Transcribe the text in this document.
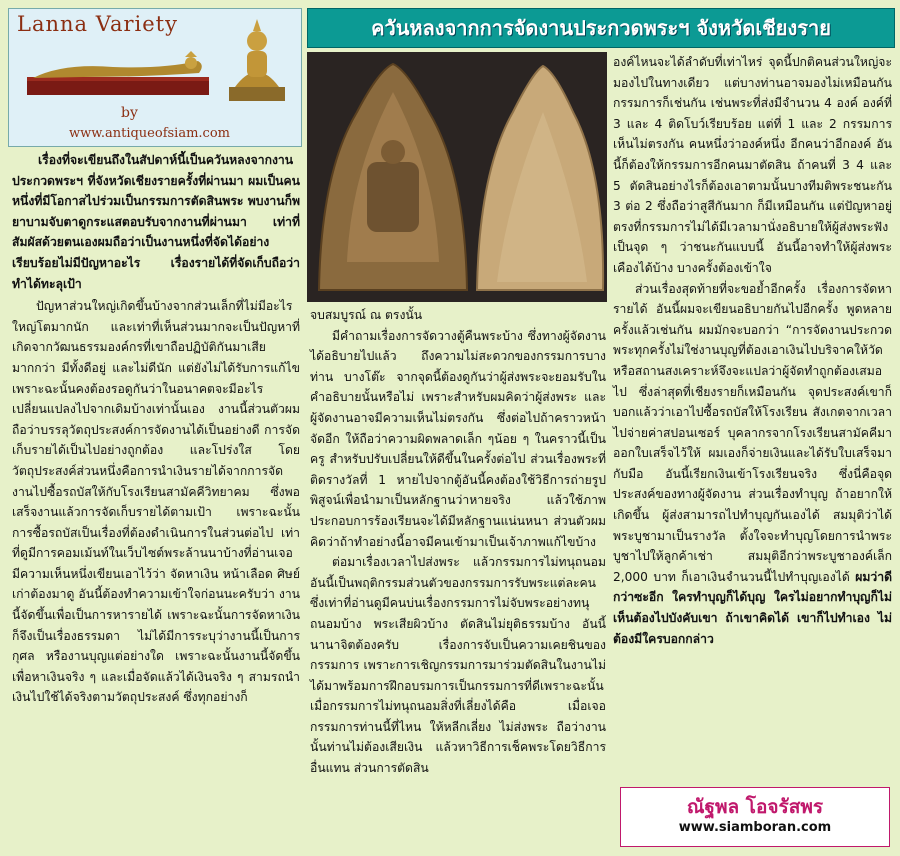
Lanna Variety
by
www.antiqueofsiam.com
ควันหลงจากการจัดงานประกวดพระฯ จังหวัดเชียงราย

เรื่องที่จะเขียนถึงในสัปดาห์นี้เป็นควันหลงจากงานประกวดพระฯ ที่จังหวัดเชียงรายครั้งที่ผ่านมา ผมเป็นคนหนึ่งที่มีโอกาสไปร่วมเป็นกรรมการตัดสินพระ พบงานก็พยาบามจับตาดูกระแสตอบรับจากงานที่ผ่านมา เท่าที่สัมผัสด้วยตนเองผมถือว่าเป็นงานหนึ่งที่จัดได้อย่างเรียบร้อยไม่มีปัญหาอะไร เรื่องรายได้ที่จัดเก็บถือว่าทำได้ทะลุเป้า

ปัญหาส่วนใหญ่เกิดขึ้นบ้างจากส่วนเล็กที่ไม่มีอะไรใหญ่โตมากนัก และเท่าที่เห็นส่วนมากจะเป็นปัญหาที่เกิดจากวัฒนธรรมองค์กรที่เขาถือปฏิบัติกันมาเสียมากกว่า มีทั้งดีอยู่ และไม่ดีนัก แต่ยังไม่ได้รับการแก้ไข เพราะฉะนั้นคงต้องรอดูกันว่าในอนาคตจะมีอะไรเปลี่ยนแปลงไปจากเดิมบ้างเท่านั้นเอง งานนี้ส่วนตัวผมถือว่าบรรลุวัตถุประสงค์การจัดงานได้เป็นอย่างดี การจัดเก็บรายได้เป็นไปอย่างถูกต้อง และโปร่งใส โดยวัตถุประสงค์ส่วนหนึ่งคือการนำเงินรายได้จากการจัดงานไปซื้อรถบัสให้กับโรงเรียนสามัคคีวิทยาคม ซึ่งพอเสร็จงานแล้วการจัดเก็บรายได้ตามเป้า เพราะฉะนั้นการซื้อรถบัสเป็นเรื่องที่ต้องดำเนินการในส่วนต่อไป เท่าที่ดูมีการคอมเม้นท์ในเว็บไซต์พระล้านนาบ้างที่อ่านเจอ มีความเห็นหนึ่งเขียนเอาไว้ว่า จัดหาเงิน หน้าเลือด ศิษย์เก่าต้องมาดู อันนี้ต้องทำความเข้าใจก่อนนะครับว่า งานนี้จัดขึ้นเพื่อเป็นการหารายได้ เพราะฉะนั้นการจัดหาเงินก็จึงเป็นเรื่องธรรมดา ไม่ได้มีการระบุว่างานนี้เป็นการกุศล หรืองานบุญแต่อย่างใด เพราะฉะนั้นงานนี้จัดขึ้นเพื่อหาเงินจริง ๆ และเมื่อจัดแล้วได้เงินจริง ๆ สามรถนำเงินไปใช้ได้จริงตามวัตถุประสงค์ ซึ่งทุกอย่างก็

จบสมบูรณ์ ณ ตรงนั้น

มีคำถามเรื่องการจัดวางตู้คืนพระบ้าง ซึ่งทางผู้จัดงานได้อธิบายไปแล้ว ถึงความไม่สะดวกของกรรมการบางท่าน บางโต๊ะ จากจุดนี้ต้องดูกันว่าผู้ส่งพระจะยอมรับในคำอธิบายนั้นหรือไม่ เพราะสำหรับผมคิดว่าผู้ส่งพระ และผู้จัดงานอาจมีความเห็นไม่ตรงกัน ซึ่งต่อไปถ้าคราวหน้าจัดอีก ให้ถือว่าความผิดพลาดเล็ก ๆน้อย ๆ ในคราวนี้เป็นครู สำหรับปรับเปลี่ยนให้ดีขึ้นในครั้งต่อไป ส่วนเรื่องพระที่ติดรางวัลที่ 1 หายไปจากตู้อันนี้คงต้องใช้วิธีการถ่ายรูปพิสูจน์เพื่อนำมาเป็นหลักฐานว่าหายจริง แล้วใช้ภาพประกอบการร้องเรียนจะได้มีหลักฐานแน่นหนา ส่วนตัวผมคิดว่าถ้าทำอย่างนี้อาจมีคนเข้ามาเป็นเจ้าภาพแก้ไขบ้าง

ต่อมาเรื่องเวลาไปส่งพระ แล้วกรรมการไม่ทนุถนอม อันนี้เป็นพฤติกรรมส่วนตัวของกรรมการรับพระแต่ละคน ซึ่งเท่าที่อ่านดูมีคนบ่นเรื่องกรรมการไม่จับพระอย่างทนุถนอมบ้าง พระเสียผิวบ้าง ตัดสินไม่ยุติธรรมบ้าง อันนี้นานาจิตต้องครับ เรื่องการจับเป็นความเคยชินของกรรมการ เพราะการเชิญกรรมการมาร่วมตัดสินในงานไม่ได้มาพร้อมการฝึกอบรมการเป็นกรรมการที่ดีเพราะฉะนั้นเมื่อกรรมการไม่ทนุถนอมสิ่งที่เลี่ยงได้คือ เมื่อเจอกรรมการท่านนี้ที่ไหน ให้หลีกเลี่ยง ไม่ส่งพระ ถือว่างานนั้นท่านไม่ต้องเสียเงิน แล้วหาวิธีการเช็คพระโดยวิธีการอื่นแทน ส่วนการตัดสิน

องค์ไหนจะได้ลำดับที่เท่าไหร่ จุดนี้ปกติคนส่วนใหญ่จะมองไปในทางเดียว แต่บางท่านอาจมองไม่เหมือนกัน กรรมการก็เช่นกัน เช่นพระที่ส่งมีจำนวน 4 องค์ องค์ที่ 3 และ 4 ติดโบว์เรียบร้อย แต่ที่ 1 และ 2 กรรมการเห็นไม่ตรงกัน คนหนึ่งว่าองค์หนึ่ง อีกคนว่าอีกองค์ อันนี้ก็ต้องให้กรรมการอีกคนมาตัดสิน ถ้าคนที่ 3 4 และ 5 ตัดสินอย่างไรก็ต้องเอาตามนั้นบางทีมติพระชนะกัน 3 ต่อ 2 ซึ่งถือว่าสูสีกันมาก ก็มีเหมือนกัน แต่ปัญหาอยู่ตรงที่กรรมการไม่ได้มีเวลามานั่งอธิบายให้ผู้ส่งพระฟังเป็นจุด ๆ ว่าชนะกันแบบนี้ อันนี้อาจทำให้ผู้ส่งพระเคืองได้บ้าง บางครั้งต้องเข้าใจ

ส่วนเรื่องสุดท้ายที่จะขอย้ำอีกครั้ง เรื่องการจัดหารายได้ อันนี้ผมจะเขียนอธิบายกันไปอีกครั้ง พูดหลายครั้งแล้วเช่นกัน ผมมักจะบอกว่า “การจัดงานประกวดพระทุกครั้งไม่ใช่งานบุญที่ต้องเอาเงินไปบริจาคให้วัด หรือสถานสงเคราะห์จึงจะแปลว่าผู้จัดทำถูกต้องเสมอไป ซึ่งล่าสุดที่เชียงรายก็เหมือนกัน จุดประสงค์เขาก็บอกแล้วว่าเอาไปซื้อรถบัสให้โรงเรียน สังเกตจากเวลาไปจ่ายค่าสปอนเซอร์ บุคลากรจากโรงเรียนสามัคคีมาออกใบเสร็จไว้ให้ ผมเองก็จ่ายเงินและได้รับใบเสร็จมากับมือ อันนี้เรียกเงินเข้าโรงเรียนจริง ซึ่งนี่คือจุดประสงค์ของทางผู้จัดงาน ส่วนเรื่องทำบุญ ถ้าอยากให้เกิดขึ้น ผู้ส่งสามารถไปทำบุญกันเองได้ สมมุติว่าได้พระบูชามาเป็นรางวัล ตั้งใจจะทำบุญโดยการนำพระบูชาไปให้ลูกค้าเช่า สมมุติอีกว่าพระบูชาองค์เล็ก 2,000 บาท ก็เอาเงินจำนวนนี้ไปทำบุญเองได้ ผมว่าดีกว่าซะอีก ใครทำบุญก็ได้บุญ ใครไม่อยากทำบุญก็ไม่เห็นต้องไปบังคับเขา ถ้าเขาคิดได้ เขาก็ไปทำเอง ไม่ต้องมีใครบอกกล่าว

ณัฐพล โอจรัสพร
www.siamboran.com
